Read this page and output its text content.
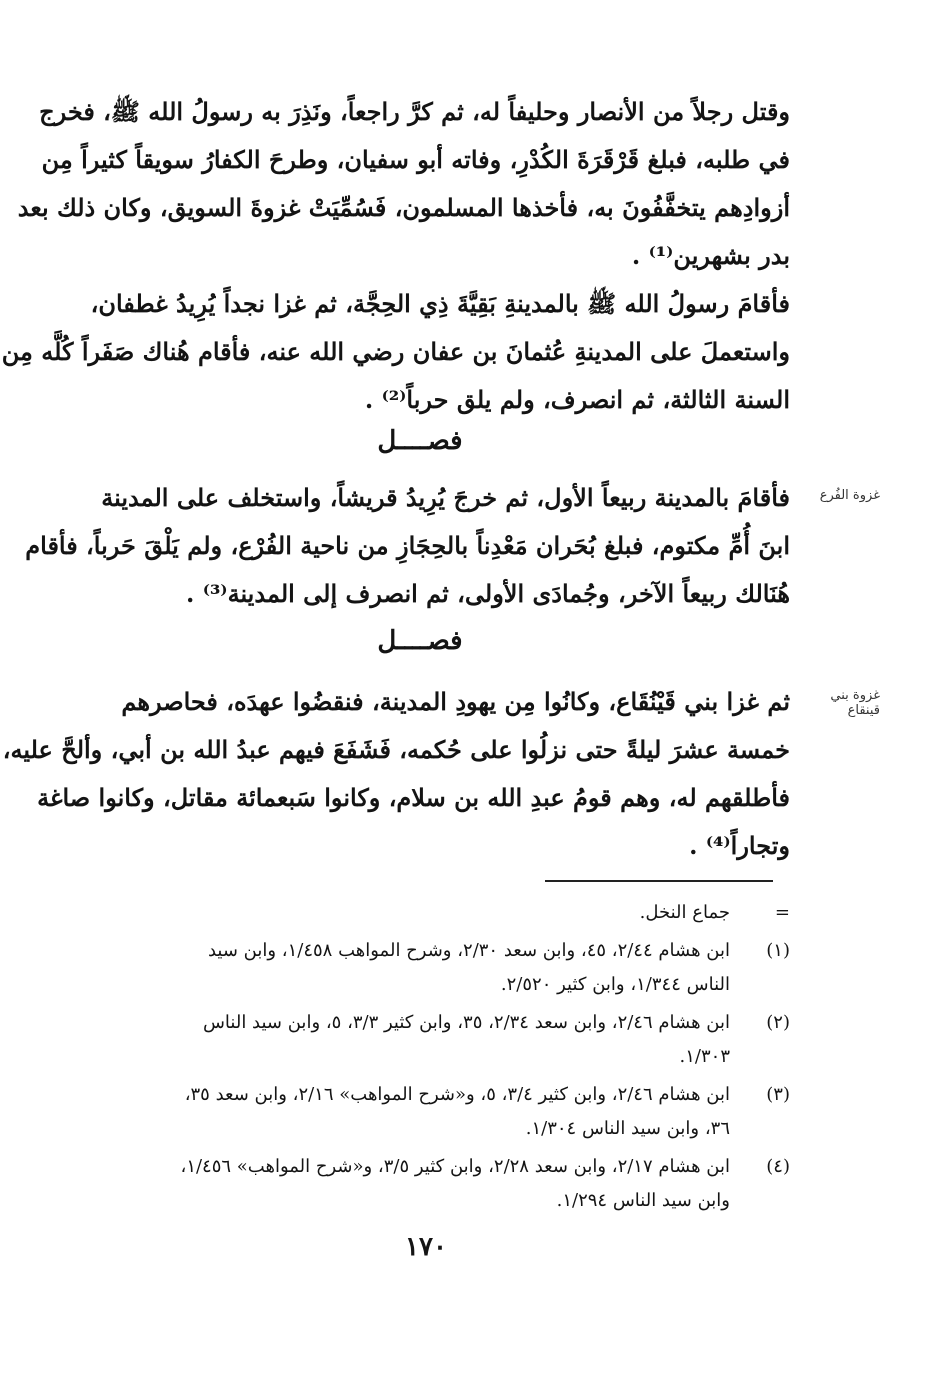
وقتل رجلاً من الأنصار وحليفاً له، ثم كرَّ راجعاً، ونَذِرَ به رسولُ الله ﷺ، فخرج
في طلبه، فبلغ قَرْقَرَةَ الكُدْرِ، وفاته أبو سفيان، وطرحَ الكفارُ سويقاً كثيراً مِن
أزوادِهم يتخفَّفُونَ به، فأخذها المسلمون، فَسُمِّيَتْ غزوةَ السويق، وكان ذلك بعد
بدر بشهرين⁽¹⁾ .
فأقامَ رسولُ الله ﷺ بالمدينةِ بَقِيَّةَ ذِي الحِجَّة، ثم غزا نجداً يُرِيدُ غطفان،
واستعملَ على المدينةِ عُثمانَ بن عفان رضي الله عنه، فأقام هُناك صَفَراً كُلَّه مِن
السنة الثالثة، ثم انصرف، ولم يلق حرباً⁽²⁾ .
فصــــل
غزوة الفُرع
فأقامَ بالمدينة ربيعاً الأول، ثم خرجَ يُرِيدُ قريشاً، واستخلف على المدينة
ابنَ أُمِّ مكتوم، فبلغ بُحَران مَعْدِناً بالحِجَازِ من ناحية الفُرْع، ولم يَلْقَ حَرباً، فأقام
هُنَالك ربيعاً الآخر، وجُمادَى الأولى، ثم انصرف إلى المدينة⁽³⁾ .
فصــــل
غزوة بني قينقاع
ثم غزا بني قَيْنُقَاع، وكانُوا مِن يهودِ المدينة، فنقضُوا عهدَه، فحاصرهم
خمسة عشرَ ليلةً حتى نزلُوا على حُكمه، فَشَفَعَ فيهم عبدُ الله بن أبي، وألحَّ عليه،
فأطلقهم له، وهم قومُ عبدِ الله بن سلام، وكانوا سَبعمائة مقاتل، وكانوا صاغة
وتجاراً⁽⁴⁾ .
=
جماع النخل.
(١)
ابن هشام ٢/٤٤، ٤٥، وابن سعد ٢/٣٠، وشرح المواهب ١/٤٥٨، وابن سيد
الناس ١/٣٤٤، وابن كثير ٢/٥٢٠.
(٢)
ابن هشام ٢/٤٦، وابن سعد ٢/٣٤، ٣٥، وابن كثير ٣/٣، ٥، وابن سيد الناس
١/٣٠٣.
(٣)
ابن هشام ٢/٤٦، وابن كثير ٣/٤، ٥، و«شرح المواهب» ٢/١٦، وابن سعد ٣٥،
٣٦، وابن سيد الناس ١/٣٠٤.
(٤)
ابن هشام ٢/١٧، وابن سعد ٢/٢٨، وابن كثير ٣/٥، و«شرح المواهب» ١/٤٥٦،
وابن سيد الناس ١/٢٩٤.
١٧٠
